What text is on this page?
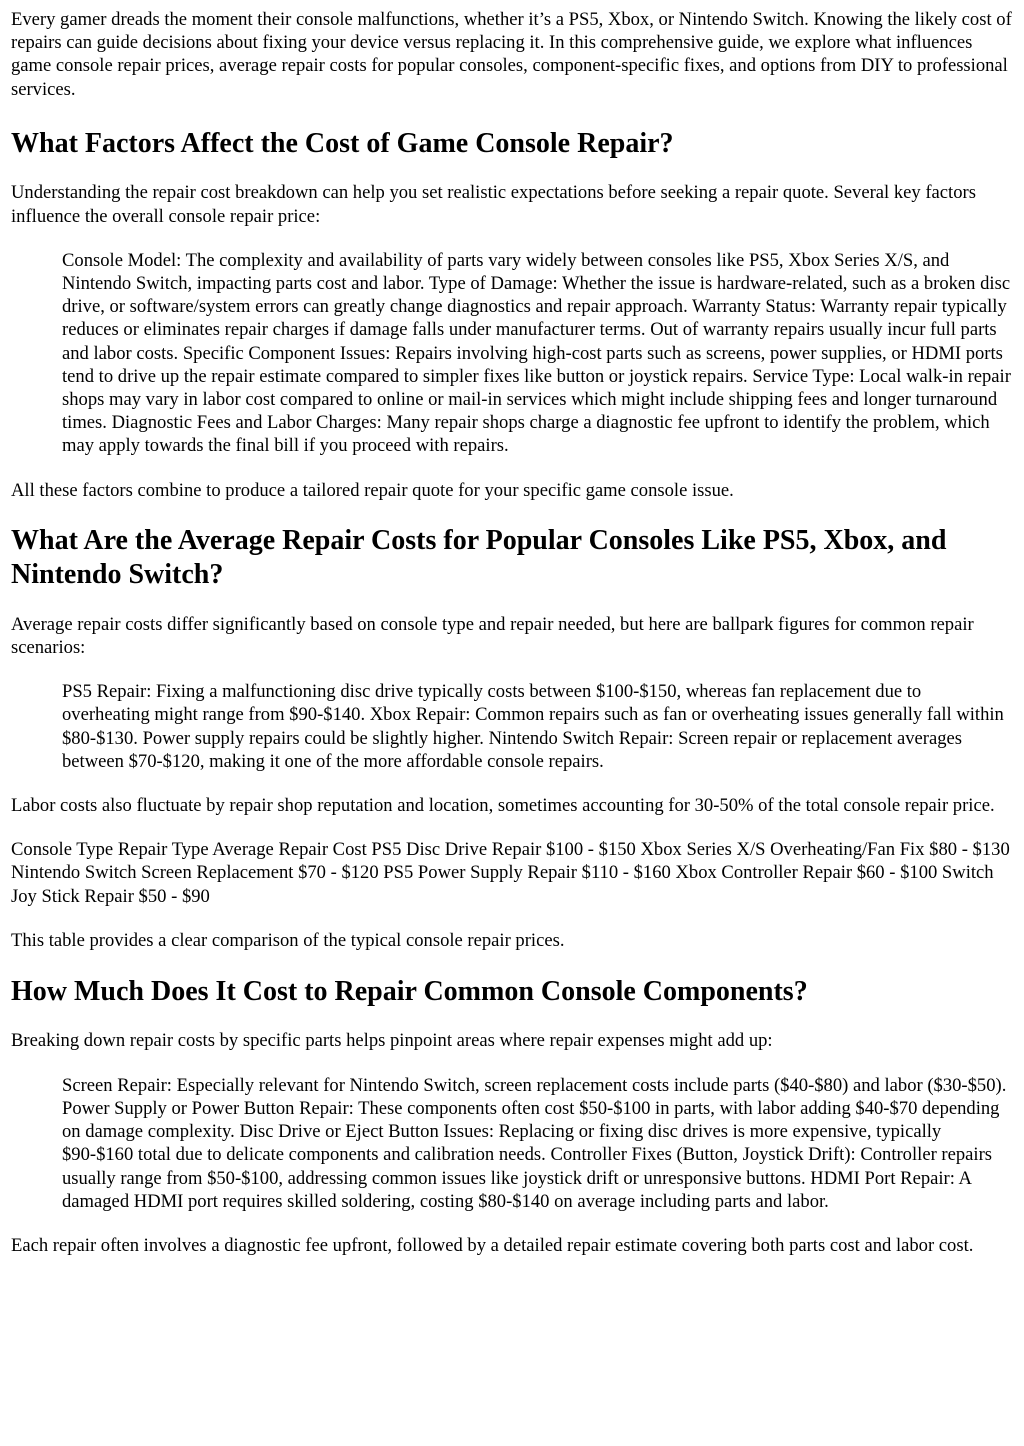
Every gamer dreads the moment their console malfunctions, whether it’s a PS5, Xbox, or Nintendo Switch. Knowing the likely cost of repairs can guide decisions about fixing your device versus replacing it. In this comprehensive guide, we explore what influences game console repair prices, average repair costs for popular consoles, component-specific fixes, and options from DIY to professional services.

What Factors Affect the Cost of Game Console Repair?

Understanding the repair cost breakdown can help you set realistic expectations before seeking a repair quote. Several key factors influence the overall console repair price:

Console Model: The complexity and availability of parts vary widely between consoles like PS5, Xbox Series X/S, and Nintendo Switch, impacting parts cost and labor. Type of Damage: Whether the issue is hardware-related, such as a broken disc drive, or software/system errors can greatly change diagnostics and repair approach. Warranty Status: Warranty repair typically reduces or eliminates repair charges if damage falls under manufacturer terms. Out of warranty repairs usually incur full parts and labor costs. Specific Component Issues: Repairs involving high-cost parts such as screens, power supplies, or HDMI ports tend to drive up the repair estimate compared to simpler fixes like button or joystick repairs. Service Type: Local walk-in repair shops may vary in labor cost compared to online or mail-in services which might include shipping fees and longer turnaround times. Diagnostic Fees and Labor Charges: Many repair shops charge a diagnostic fee upfront to identify the problem, which may apply towards the final bill if you proceed with repairs.

All these factors combine to produce a tailored repair quote for your specific game console issue.

What Are the Average Repair Costs for Popular Consoles Like PS5, Xbox, and Nintendo Switch?

Average repair costs differ significantly based on console type and repair needed, but here are ballpark figures for common repair scenarios:

PS5 Repair: Fixing a malfunctioning disc drive typically costs between $100-$150, whereas fan replacement due to overheating might range from $90-$140. Xbox Repair: Common repairs such as fan or overheating issues generally fall within $80-$130. Power supply repairs could be slightly higher. Nintendo Switch Repair: Screen repair or replacement averages between $70-$120, making it one of the more affordable console repairs.

Labor costs also fluctuate by repair shop reputation and location, sometimes accounting for 30-50% of the total console repair price.

Console Type Repair Type Average Repair Cost PS5 Disc Drive Repair $100 - $150 Xbox Series X/S Overheating/Fan Fix $80 - $130 Nintendo Switch Screen Replacement $70 - $120 PS5 Power Supply Repair $110 - $160 Xbox Controller Repair $60 - $100 Switch Joy Stick Repair $50 - $90

This table provides a clear comparison of the typical console repair prices.

How Much Does It Cost to Repair Common Console Components?

Breaking down repair costs by specific parts helps pinpoint areas where repair expenses might add up:

Screen Repair: Especially relevant for Nintendo Switch, screen replacement costs include parts ($40-$80) and labor ($30-$50). Power Supply or Power Button Repair: These components often cost $50-$100 in parts, with labor adding $40-$70 depending on damage complexity. Disc Drive or Eject Button Issues: Replacing or fixing disc drives is more expensive, typically $90-$160 total due to delicate components and calibration needs. Controller Fixes (Button, Joystick Drift): Controller repairs usually range from $50-$100, addressing common issues like joystick drift or unresponsive buttons. HDMI Port Repair: A damaged HDMI port requires skilled soldering, costing $80-$140 on average including parts and labor.

Each repair often involves a diagnostic fee upfront, followed by a detailed repair estimate covering both parts cost and labor cost.
